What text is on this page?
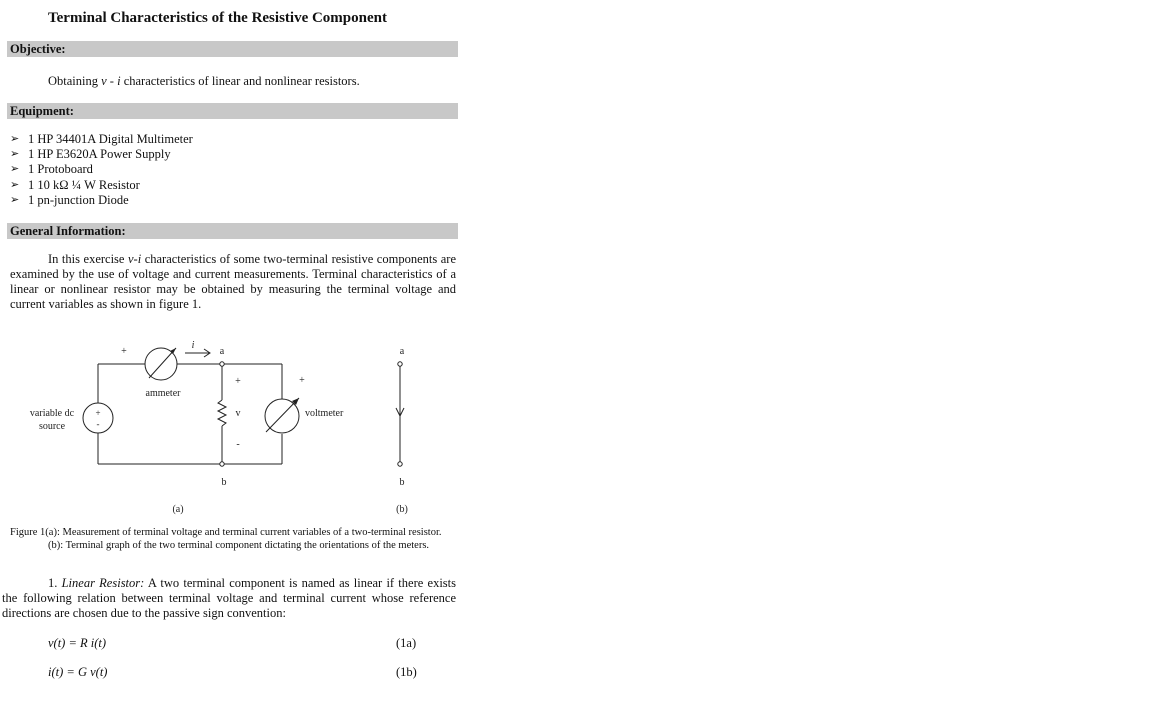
Terminal Characteristics of the Resistive Component
Objective:
Obtaining v - i characteristics of linear and nonlinear resistors.
Equipment:
➢ 1 HP 34401A Digital Multimeter
➢ 1 HP E3620A Power Supply
➢ 1 Protoboard
➢ 1 10 kΩ ¼ W Resistor
➢ 1 pn-junction Diode
General Information:
In this exercise v-i characteristics of some two-terminal resistive components are examined by the use of voltage and current measurements. Terminal characteristics of a linear or nonlinear resistor may be obtained by measuring the terminal voltage and current variables as shown in figure 1.
+
i
a
ammeter
variable dc
source
+
-
+
v
-
+
voltmeter
b
(a)
a
b
(b)
Figure 1(a): Measurement of terminal voltage and terminal current variables of a two-terminal resistor.
(b): Terminal graph of the two terminal component dictating the orientations of the meters.
1. Linear Resistor: A two terminal component is named as linear if there exists the following relation between terminal voltage and terminal current whose reference directions are chosen due to the passive sign convention:
v(t) = R i(t)	(1a)
i(t) = G v(t)	(1b)
